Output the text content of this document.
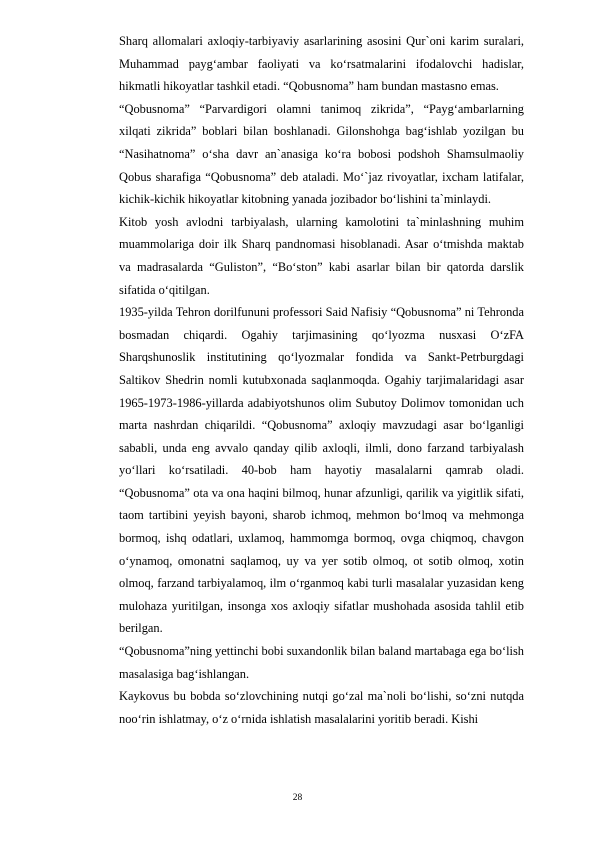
Sharq allomalari axloqiy-tarbiyaviy asarlarining asosini Qur`oni karim suralari, Muhammad payg‘ambar faoliyati va ko‘rsatmalarini ifodalovchi hadislar, hikmatli hikoyatlar tashkil etadi. “Qobusnoma” ham bundan mastasno emas.

“Qobusnoma” “Parvardigori olamni tanimoq zikrida”, “Payg‘ambarlarning xilqati zikrida” boblari bilan boshlanadi. Gilonshohga bag‘ishlab yozilgan bu “Nasihatnoma” o‘sha davr an`anasiga ko‘ra bobosi podshoh Shamsulmaoliy Qobus sharafiga “Qobusnoma” deb ataladi. Mo‘`jaz rivoyatlar, ixcham latifalar, kichik-kichik hikoyatlar kitobning yanada jozibador bo‘lishini ta`minlaydi.

Kitob yosh avlodni tarbiyalash, ularning kamolotini ta`minlashning muhim muammolariga doir ilk Sharq pandnomasi hisoblanadi. Asar o‘tmishda maktab va madrasalarda “Guliston”, “Bo‘ston” kabi asarlar bilan bir qatorda darslik sifatida o‘qitilgan.

1935-yilda Tehron dorilfununi professori Said Nafisiy “Qobusnoma” ni Tehronda bosmadan chiqardi. Ogahiy tarjimasining qo‘lyozma nusxasi O‘zFA Sharqshunoslik institutining qo‘lyozmalar fondida va Sankt-Petrburgdagi Saltikov Shedrin nomli kutubxonada saqlanmoqda. Ogahiy tarjimalaridagi asar 1965-1973-1986-yillarda adabiyotshunos olim Subutoy Dolimov tomonidan uch marta nashrdan chiqarildi. “Qobusnoma” axloqiy mavzudagi asar bo‘lganligi sababli, unda eng avvalo qanday qilib axloqli, ilmli, dono farzand tarbiyalash yo‘llari ko‘rsatiladi. 40-bob ham hayotiy masalalarni qamrab oladi. “Qobusnoma” ota va ona haqini bilmoq, hunar afzunligi, qarilik va yigitlik sifati, taom tartibini yeyish bayoni, sharob ichmoq, mehmon bo‘lmoq va mehmonga bormoq, ishq odatlari, uxlamoq, hammomga bormoq, ovga chiqmoq, chavgon o‘ynamoq, omonatni saqlamoq, uy va yer sotib olmoq, ot sotib olmoq, xotin olmoq, farzand tarbiyalamoq, ilm o‘rganmoq kabi turli masalalar yuzasidan keng mulohaza yuritilgan, insonga xos axloqiy sifatlar mushohada asosida tahlil etib berilgan.

“Qobusnoma”ning yettinchi bobi suxandonlik bilan baland martabaga ega bo‘lish masalasiga bag‘ishlangan.

Kaykovus bu bobda so‘zlovchining nutqi go‘zal ma`noli bo‘lishi, so‘zni nutqda noo‘rin ishlatmay, o‘z o‘rnida ishlatish masalalarini yoritib beradi. Kishi

28
